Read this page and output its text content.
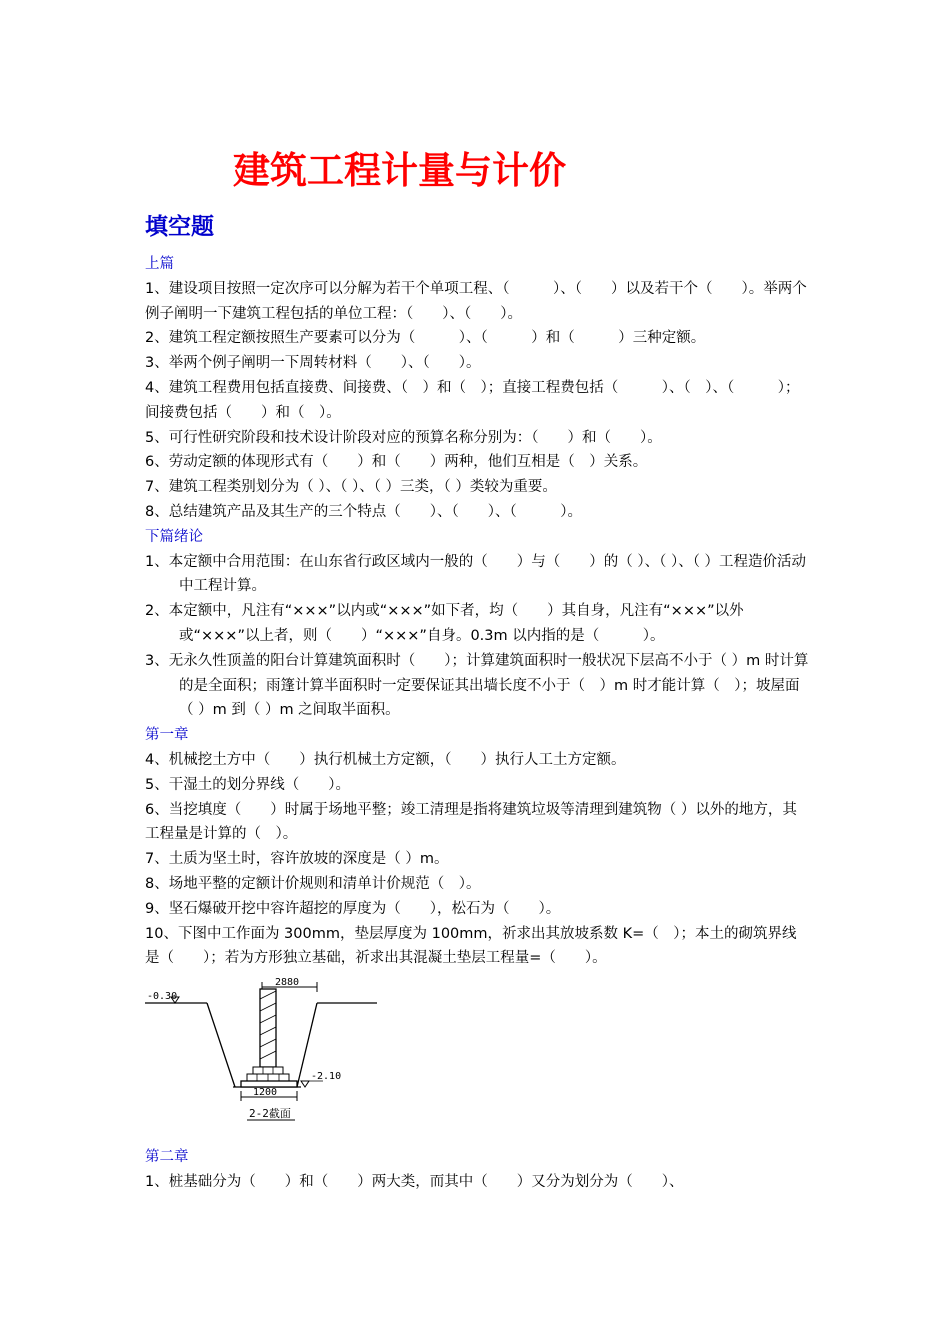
建筑工程计量与计价
填空题
上篇

1、建设项目按照一定次序可以分解为若干个单项工程、（　　　）、（　　）以及若干个（　　）。举两个例子阐明一下建筑工程包括的单位工程：（　　）、（　　）。

2、建筑工程定额按照生产要素可以分为（　　　）、（　　　）和（　　　）三种定额。

3、举两个例子阐明一下周转材料（　　）、（　　）。

4、建筑工程费用包括直接费、间接费、（　）和（　）；直接工程费包括（　　　）、（　）、（　　　）；间接费包括（　　）和（　）。

5、可行性研究阶段和技术设计阶段对应的预算名称分别为：（　　）和（　　）。

6、劳动定额的体现形式有（　　）和（　　）两种，他们互相是（　）关系。

7、建筑工程类别划分为（ ）、（ ）、（ ）三类，（ ）类较为重要。

8、总结建筑产品及其生产的三个特点（　　）、（　　）、（　　　）。

下篇绪论

1、本定额中合用范围：在山东省行政区域内一般的（　　）与（　　）的（ ）、（ ）、（ ）工程造价活动中工程计算。

2、本定额中，凡注有“×××”以内或“×××”如下者，均（　　）其自身，凡注有“×××”以外或“×××”以上者，则（　　）“×××”自身。0.3m 以内指的是（　　　）。

3、无永久性顶盖的阳台计算建筑面积时（　　）；计算建筑面积时一般状况下层高不小于（ ）m 时计算的是全面积；雨篷计算半面积时一定要保证其出墙长度不小于（　）m 时才能计算（　）；坡屋面（ ）m 到（ ）m 之间取半面积。

第一章

4、机械挖土方中（　　）执行机械土方定额，（　　）执行人工土方定额。

5、干湿土的划分界线（　　）。

6、当挖填度（　　）时属于场地平整；竣工清理是指将建筑垃圾等清理到建筑物（ ）以外的地方，其工程量是计算的（　）。

7、土质为坚土时，容许放坡的深度是（ ）m。

8、场地平整的定额计价规则和清单计价规范（　）。

9、坚石爆破开挖中容许超挖的厚度为（　　），松石为（　　）。

10、下图中工作面为 300mm，垫层厚度为 100mm，祈求出其放坡系数 K=（　）；本土的砌筑界线是（　　）；若为方形独立基础，祈求出其混凝土垫层工程量=（　　）。

-0.30
2880
-2.10
1200
2-2截面
第二章

1、桩基础分为（　　）和（　　）两大类，而其中（　　）又分为划分为（　　）、
